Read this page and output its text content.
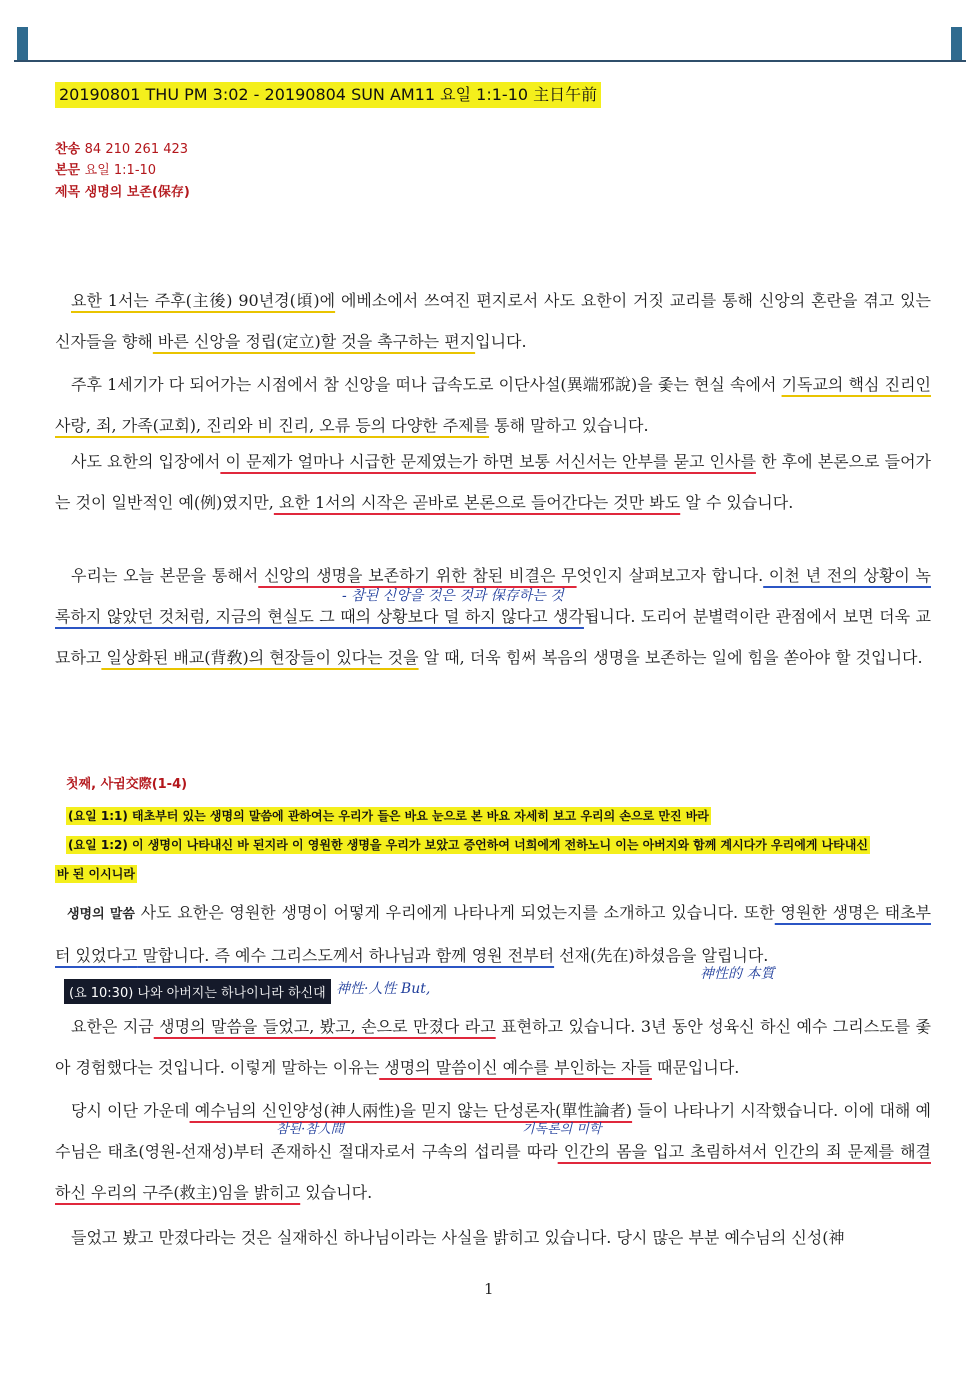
20190801 THU PM 3:02 - 20190804 SUN AM11 요일 1:1-10 主日午前
찬송 84 210 261 423
본문 요일 1:1-10
제목 생명의 보존(保存)
요한 1서는 주후(主後) 90년경(頃)에 에베소에서 쓰여진 편지로서 사도 요한이 거짓 교리를 통해 신앙의 혼란을 겪고 있는 신자들을 향해 바른 신앙을 정립(定立)할 것을 촉구하는 편지입니다.
주후 1세기가 다 되어가는 시점에서 참 신앙을 떠나 급속도로 이단사설(異端邪說)을 좇는 현실 속에서 기독교의 핵심 진리인 사랑, 죄, 가족(교회), 진리와 비 진리, 오류 등의 다양한 주제를 통해 말하고 있습니다.
사도 요한의 입장에서 이 문제가 얼마나 시급한 문제였는가 하면 보통 서신서는 안부를 묻고 인사를 한 후에 본론으로 들어가는 것이 일반적인 예(例)였지만, 요한 1서의 시작은 곧바로 본론으로 들어간다는 것만 봐도 알 수 있습니다.
우리는 오늘 본문을 통해서 신앙의 생명을 보존하기 위한 참된 비결은 무엇인지 살펴보고자 합니다. 이천 년 전의 상황이 녹록하지 않았던 것처럼, 지금의 현실도 그 때의 상황보다 덜 하지 않다고 생각됩니다. 도리어 분별력이란 관점에서 보면 더욱 교묘하고 일상화된 배교(背敎)의 현장들이 있다는 것을 알 때, 더욱 힘써 복음의 생명을 보존하는 일에 힘을 쏟아야 할 것입니다.
- 참된 신앙을 것은 것과 保存하는 것
첫째, 사귐交際(1-4)
(요일 1:1) 태초부터 있는 생명의 말씀에 관하여는 우리가 들은 바요 눈으로 본 바요 자세히 보고 우리의 손으로 만진 바라
(요일 1:2) 이 생명이 나타내신 바 된지라 이 영원한 생명을 우리가 보았고 증언하여 너희에게 전하노니 이는 아버지와 함께 계시다가 우리에게 나타내신
바 된 이시니라
생명의 말씀 사도 요한은 영원한 생명이 어떻게 우리에게 나타나게 되었는지를 소개하고 있습니다. 또한 영원한 생명은 태초부터 있었다고 말합니다. 즉 예수 그리스도께서 하나님과 함께 영원 전부터 선재(先在)하셨음을 알립니다.
(요 10:30) 나와 아버지는 하나이니라 하신대 神性·人性 But,
神性的 本質
요한은 지금 생명의 말씀을 들었고, 봤고, 손으로 만졌다 라고 표현하고 있습니다. 3년 동안 성육신 하신 예수 그리스도를 좇아 경험했다는 것입니다. 이렇게 말하는 이유는 생명의 말씀이신 예수를 부인하는 자들 때문입니다.
당시 이단 가운데 예수님의 신인양성(神人兩性)을 믿지 않는 단성론자(單性論者) 들이 나타나기 시작했습니다. 이에 대해 예수님은 태초(영원-선재성)부터 존재하신 절대자로서 구속의 섭리를 따라 인간의 몸을 입고 초림하셔서 인간의 죄 문제를 해결하신 우리의 구주(救主)임을 밝히고 있습니다.
참된·참人間	기독론의 미학
들었고 봤고 만졌다라는 것은 실재하신 하나님이라는 사실을 밝히고 있습니다. 당시 많은 부분 예수님의 신성(神
1
